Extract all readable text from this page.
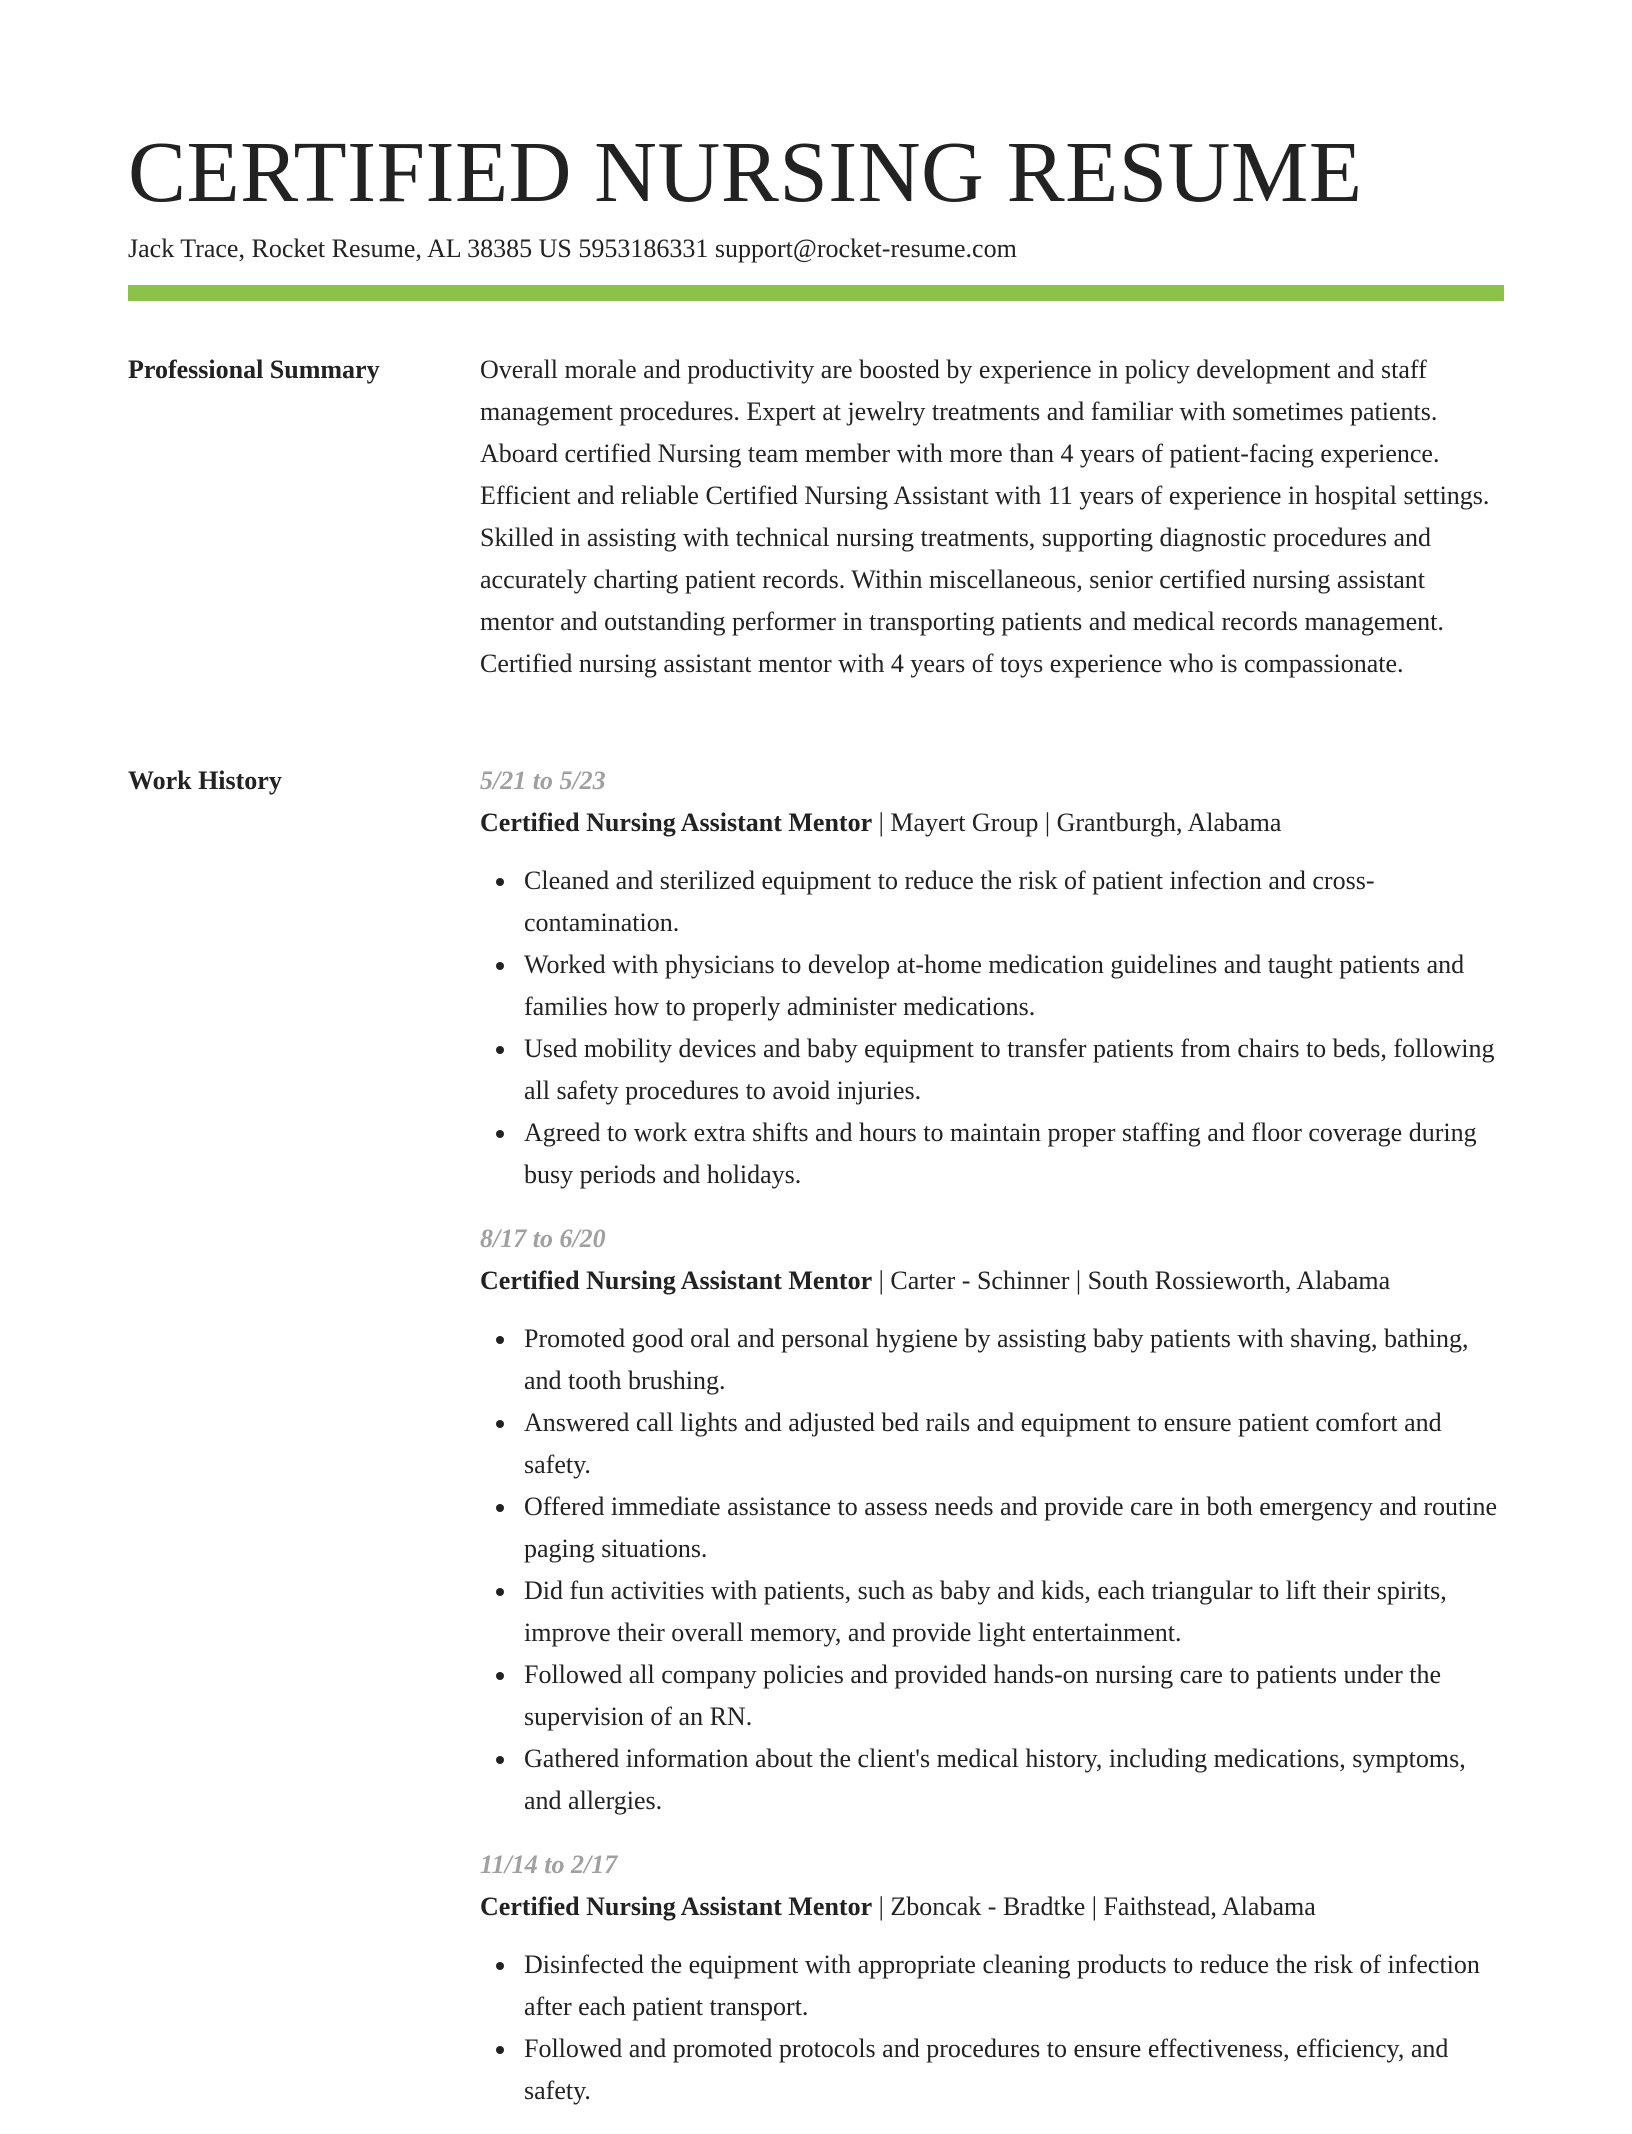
CERTIFIED NURSING RESUME
Jack Trace, Rocket Resume, AL 38385 US 5953186331 support@rocket-resume.com
Professional Summary	Overall morale and productivity are boosted by experience in policy development and staff management procedures. Expert at jewelry treatments and familiar with sometimes patients. Aboard certified Nursing team member with more than 4 years of patient-facing experience. Efficient and reliable Certified Nursing Assistant with 11 years of experience in hospital settings. Skilled in assisting with technical nursing treatments, supporting diagnostic procedures and accurately charting patient records. Within miscellaneous, senior certified nursing assistant mentor and outstanding performer in transporting patients and medical records management. Certified nursing assistant mentor with 4 years of toys experience who is compassionate.

Work History	5/21 to 5/23
Certified Nursing Assistant Mentor | Mayert Group | Grantburgh, Alabama
Cleaned and sterilized equipment to reduce the risk of patient infection and cross-contamination.
Worked with physicians to develop at-home medication guidelines and taught patients and families how to properly administer medications.
Used mobility devices and baby equipment to transfer patients from chairs to beds, following all safety procedures to avoid injuries.
Agreed to work extra shifts and hours to maintain proper staffing and floor coverage during busy periods and holidays.
8/17 to 6/20
Certified Nursing Assistant Mentor | Carter - Schinner | South Rossieworth, Alabama
Promoted good oral and personal hygiene by assisting baby patients with shaving, bathing, and tooth brushing.
Answered call lights and adjusted bed rails and equipment to ensure patient comfort and safety.
Offered immediate assistance to assess needs and provide care in both emergency and routine paging situations.
Did fun activities with patients, such as baby and kids, each triangular to lift their spirits, improve their overall memory, and provide light entertainment.
Followed all company policies and provided hands-on nursing care to patients under the supervision of an RN.
Gathered information about the client's medical history, including medications, symptoms, and allergies.
11/14 to 2/17
Certified Nursing Assistant Mentor | Zboncak - Bradtke | Faithstead, Alabama
Disinfected the equipment with appropriate cleaning products to reduce the risk of infection after each patient transport.
Followed and promoted protocols and procedures to ensure effectiveness, efficiency, and safety.
